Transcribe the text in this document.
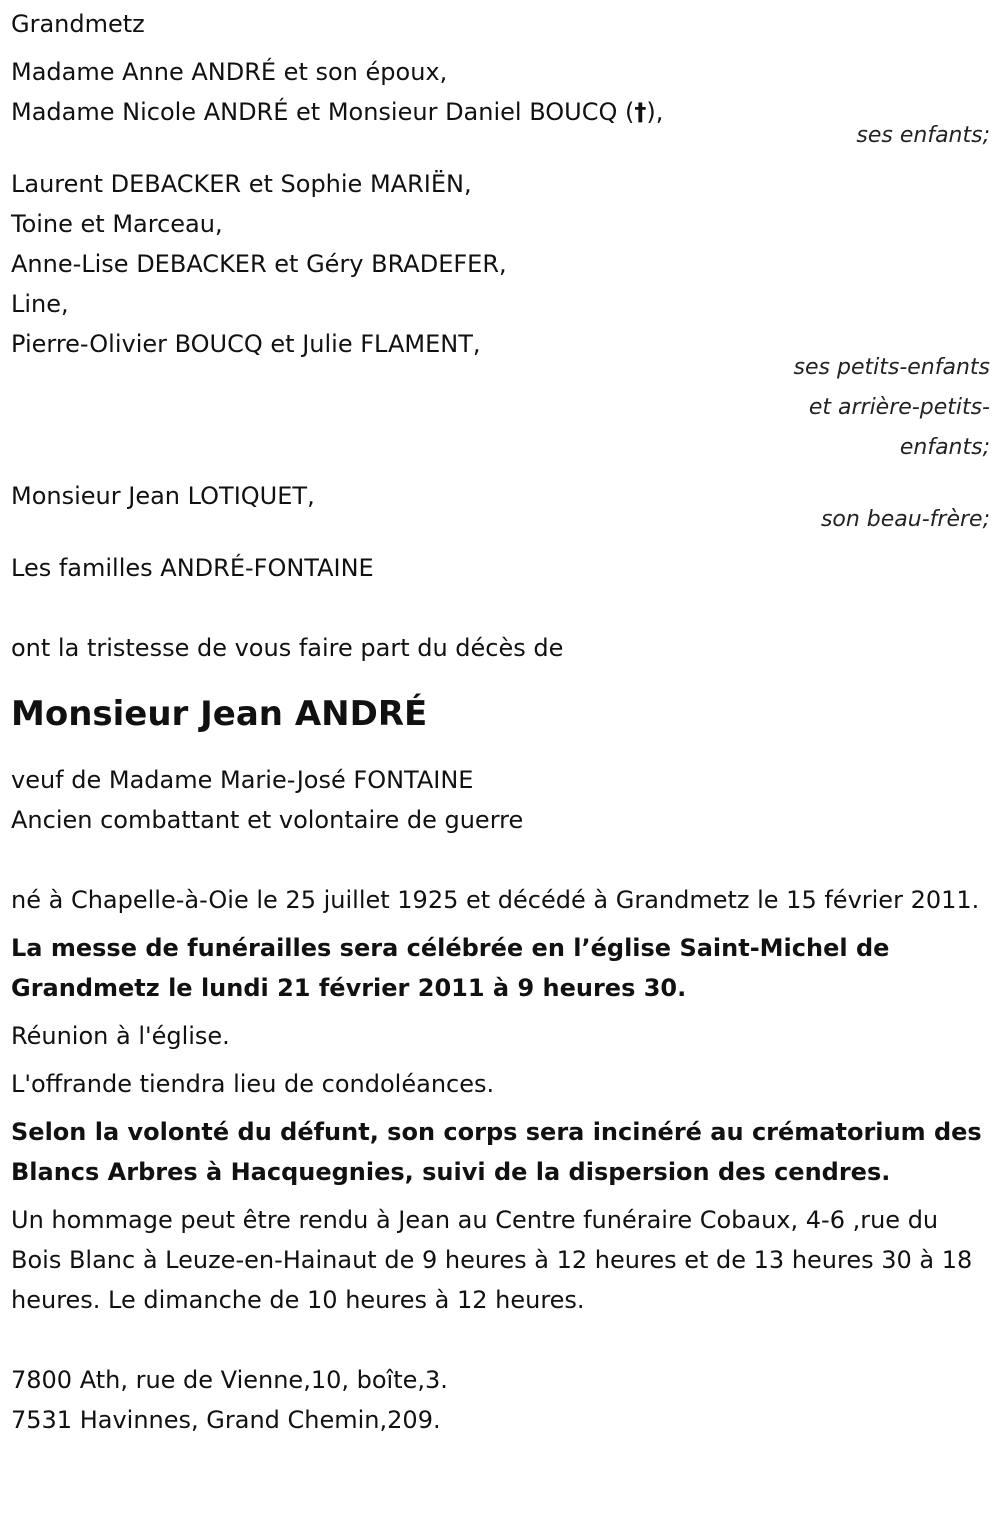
Grandmetz
Madame Anne ANDRÉ et son époux,
Madame Nicole ANDRÉ et Monsieur Daniel BOUCQ (†),
ses enfants;
Laurent DEBACKER et Sophie MARIËN,
Toine et Marceau,
Anne-Lise DEBACKER et Géry BRADEFER,
Line,
Pierre-Olivier BOUCQ et Julie FLAMENT,
ses petits-enfants
et arrière-petits-
enfants;
Monsieur Jean LOTIQUET,
son beau-frère;
Les familles ANDRÉ-FONTAINE
ont la tristesse de vous faire part du décès de
Monsieur Jean ANDRÉ
veuf de Madame Marie-José FONTAINE
Ancien combattant et volontaire de guerre
né à Chapelle-à-Oie le 25 juillet 1925 et décédé à Grandmetz le 15 février 2011.
La messe de funérailles sera célébrée en l’église Saint-Michel de Grandmetz le lundi 21 février 2011 à 9 heures 30.
Réunion à l'église.
L'offrande tiendra lieu de condoléances.
Selon la volonté du défunt, son corps sera incinéré au crématorium des Blancs Arbres à Hacquegnies, suivi de la dispersion des cendres.
Un hommage peut être rendu à Jean au Centre funéraire Cobaux, 4-6 ,rue du Bois Blanc à Leuze-en-Hainaut de 9 heures à 12 heures et de 13 heures 30 à 18 heures. Le dimanche de 10 heures à 12 heures.
7800 Ath, rue de Vienne,10, boîte,3.
7531 Havinnes, Grand Chemin,209.
